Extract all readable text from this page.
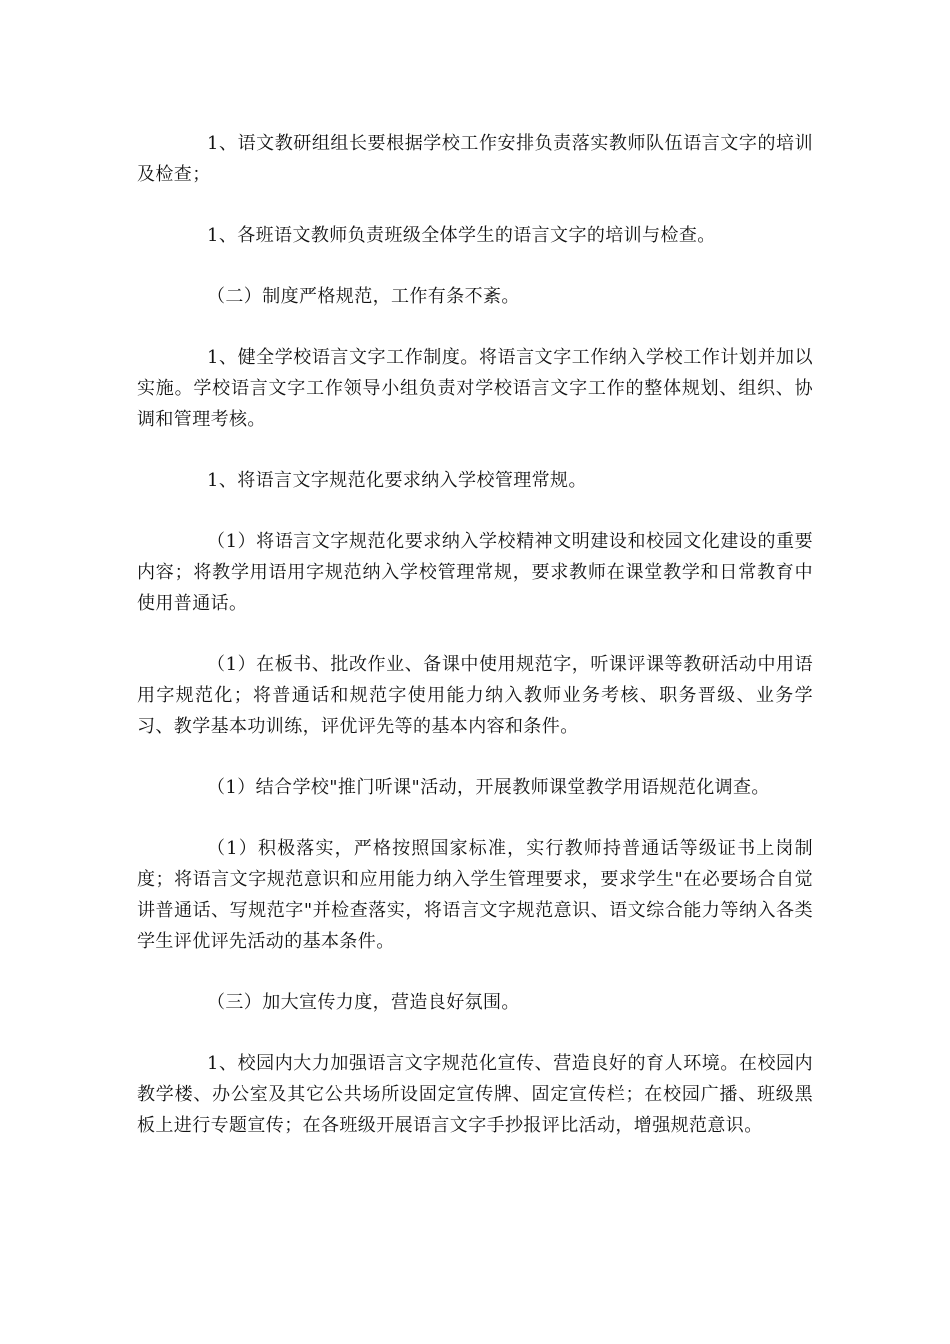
1、语文教研组组长要根据学校工作安排负责落实教师队伍语言文字的培训及检查；

1、各班语文教师负责班级全体学生的语言文字的培训与检查。

（二）制度严格规范，工作有条不紊。

1、健全学校语言文字工作制度。将语言文字工作纳入学校工作计划并加以实施。学校语言文字工作领导小组负责对学校语言文字工作的整体规划、组织、协调和管理考核。

1、将语言文字规范化要求纳入学校管理常规。

（1）将语言文字规范化要求纳入学校精神文明建设和校园文化建设的重要内容；将教学用语用字规范纳入学校管理常规，要求教师在课堂教学和日常教育中使用普通话。

（1）在板书、批改作业、备课中使用规范字，听课评课等教研活动中用语用字规范化；将普通话和规范字使用能力纳入教师业务考核、职务晋级、业务学习、教学基本功训练，评优评先等的基本内容和条件。

（1）结合学校"推门听课"活动，开展教师课堂教学用语规范化调查。

（1）积极落实，严格按照国家标准，实行教师持普通话等级证书上岗制度；将语言文字规范意识和应用能力纳入学生管理要求，要求学生"在必要场合自觉讲普通话、写规范字"并检查落实，将语言文字规范意识、语文综合能力等纳入各类学生评优评先活动的基本条件。

（三）加大宣传力度，营造良好氛围。

1、校园内大力加强语言文字规范化宣传、营造良好的育人环境。在校园内教学楼、办公室及其它公共场所设固定宣传牌、固定宣传栏；在校园广播、班级黑板上进行专题宣传；在各班级开展语言文字手抄报评比活动，增强规范意识。
